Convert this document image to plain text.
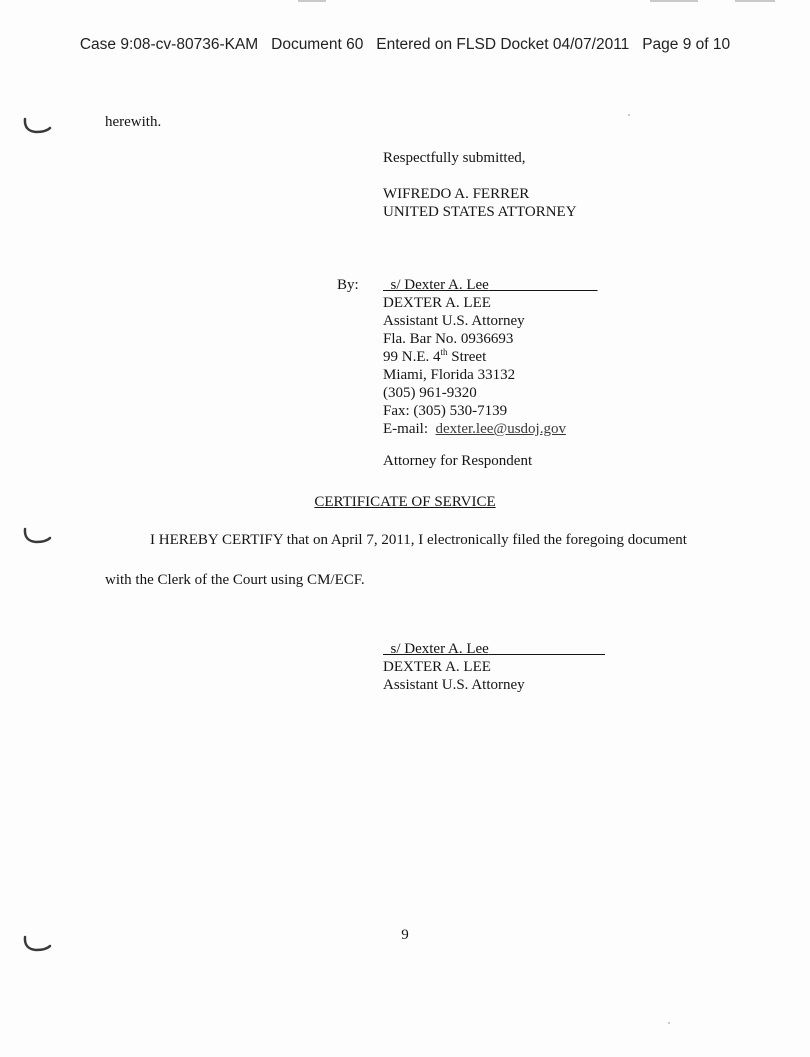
Case 9:08-cv-80736-KAM Document 60 Entered on FLSD Docket 04/07/2011 Page 9 of 10
herewith.
Respectfully submitted,
WIFREDO A. FERRER
UNITED STATES ATTORNEY
By:	s/ Dexter A. Lee
DEXTER A. LEE
Assistant U.S. Attorney
Fla. Bar No. 0936693
99 N.E. 4th Street
Miami, Florida 33132
(305) 961-9320
Fax: (305) 530-7139
E-mail:  dexter.lee@usdoj.gov
Attorney for Respondent
CERTIFICATE OF SERVICE
I HEREBY CERTIFY that on April 7, 2011, I electronically filed the foregoing document
with the Clerk of the Court using CM/ECF.
s/ Dexter A. Lee
DEXTER A. LEE
Assistant U.S. Attorney
9
